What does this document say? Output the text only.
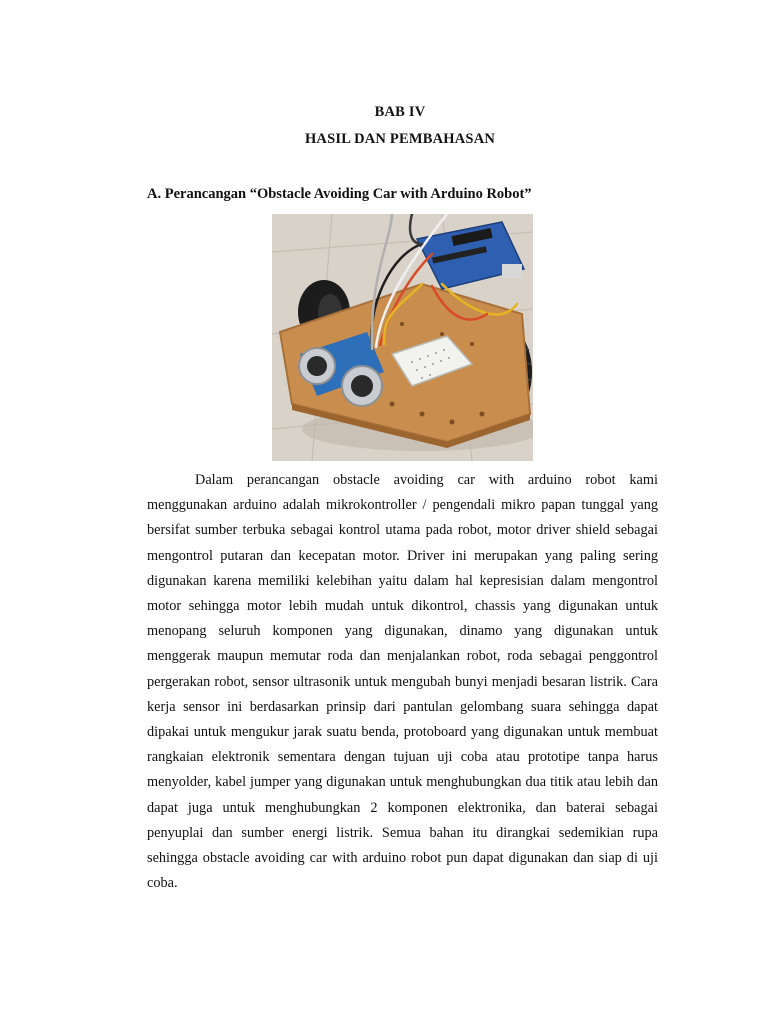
BAB IV
HASIL DAN PEMBAHASAN
A. Perancangan “Obstacle Avoiding Car with Arduino Robot”

Dalam perancangan obstacle avoiding car with arduino robot kami menggunakan arduino adalah mikrokontroller / pengendali mikro papan tunggal yang bersifat sumber terbuka sebagai kontrol utama pada robot, motor driver shield sebagai mengontrol putaran dan kecepatan motor. Driver ini merupakan yang paling sering digunakan karena memiliki kelebihan yaitu dalam hal kepresisian dalam mengontrol motor sehingga motor lebih mudah untuk dikontrol, chassis yang digunakan untuk menopang seluruh komponen yang digunakan, dinamo yang digunakan untuk menggerak maupun memutar roda dan menjalankan robot, roda sebagai penggontrol pergerakan robot, sensor ultrasonik untuk mengubah bunyi menjadi besaran listrik. Cara kerja sensor ini berdasarkan prinsip dari pantulan gelombang suara sehingga dapat dipakai untuk mengukur jarak suatu benda, protoboard yang digunakan untuk membuat rangkaian elektronik sementara dengan tujuan uji coba atau prototipe tanpa harus menyolder, kabel jumper yang digunakan untuk menghubungkan dua titik atau lebih dan dapat juga untuk menghubungkan 2 komponen elektronika, dan baterai sebagai penyuplai dan sumber energi listrik. Semua bahan itu dirangkai sedemikian rupa sehingga obstacle avoiding car with arduino robot pun dapat digunakan dan siap di uji coba.
